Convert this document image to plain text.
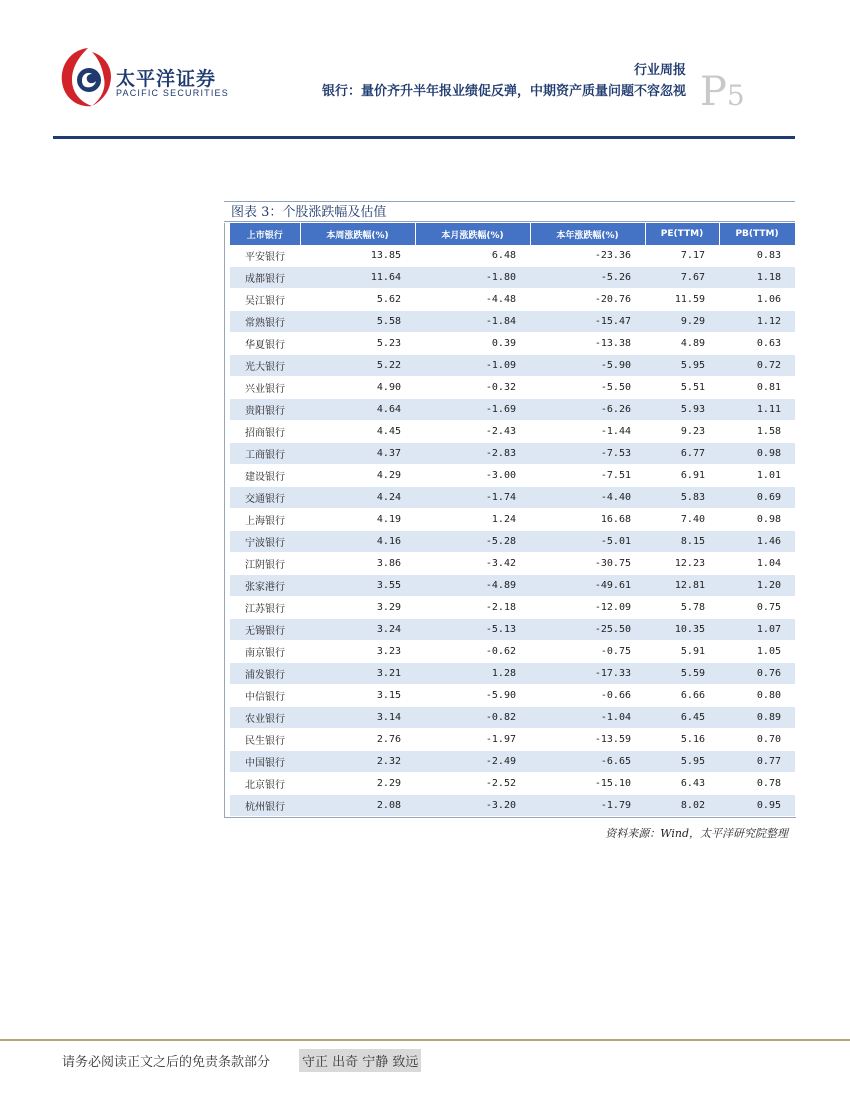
太平洋证券
PACIFIC SECURITIES
行业周报
银行：量价齐升半年报业绩促反弹，中期资产质量问题不容忽视 P5
图表 3：个股涨跌幅及估值
上市银行	本周涨跌幅(%)	本月涨跌幅(%)	本年涨跌幅(%)	PE(TTM)	PB(TTM)
平安银行	13.85	6.48	-23.36	7.17	0.83
成都银行	11.64	-1.80	-5.26	7.67	1.18
吴江银行	5.62	-4.48	-20.76	11.59	1.06
常熟银行	5.58	-1.84	-15.47	9.29	1.12
华夏银行	5.23	0.39	-13.38	4.89	0.63
光大银行	5.22	-1.09	-5.90	5.95	0.72
兴业银行	4.90	-0.32	-5.50	5.51	0.81
贵阳银行	4.64	-1.69	-6.26	5.93	1.11
招商银行	4.45	-2.43	-1.44	9.23	1.58
工商银行	4.37	-2.83	-7.53	6.77	0.98
建设银行	4.29	-3.00	-7.51	6.91	1.01
交通银行	4.24	-1.74	-4.40	5.83	0.69
上海银行	4.19	1.24	16.68	7.40	0.98
宁波银行	4.16	-5.28	-5.01	8.15	1.46
江阴银行	3.86	-3.42	-30.75	12.23	1.04
张家港行	3.55	-4.89	-49.61	12.81	1.20
江苏银行	3.29	-2.18	-12.09	5.78	0.75
无锡银行	3.24	-5.13	-25.50	10.35	1.07
南京银行	3.23	-0.62	-0.75	5.91	1.05
浦发银行	3.21	1.28	-17.33	5.59	0.76
中信银行	3.15	-5.90	-0.66	6.66	0.80
农业银行	3.14	-0.82	-1.04	6.45	0.89
民生银行	2.76	-1.97	-13.59	5.16	0.70
中国银行	2.32	-2.49	-6.65	5.95	0.77
北京银行	2.29	-2.52	-15.10	6.43	0.78
杭州银行	2.08	-3.20	-1.79	8.02	0.95
资料来源：Wind，太平洋研究院整理
请务必阅读正文之后的免责条款部分 守正 出奇 宁静 致远
